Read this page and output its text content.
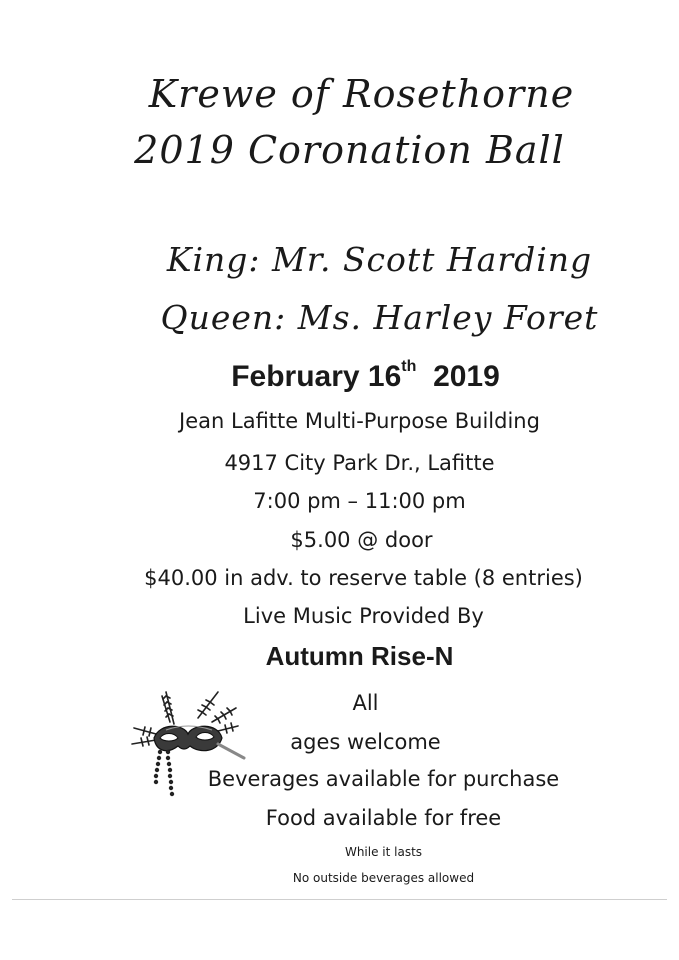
Krewe of Rosethorne
2019 Coronation Ball
King: Mr. Scott Harding
Queen: Ms. Harley Foret
February 16th 2019
Jean Lafitte Multi-Purpose Building
4917 City Park Dr., Lafitte
7:00 pm – 11:00 pm
$5.00 @ door
$40.00 in adv. to reserve table (8 entries)
Live Music Provided By
Autumn Rise-N
All
ages welcome
Beverages available for purchase
Food available for free
While it lasts
No outside beverages allowed
